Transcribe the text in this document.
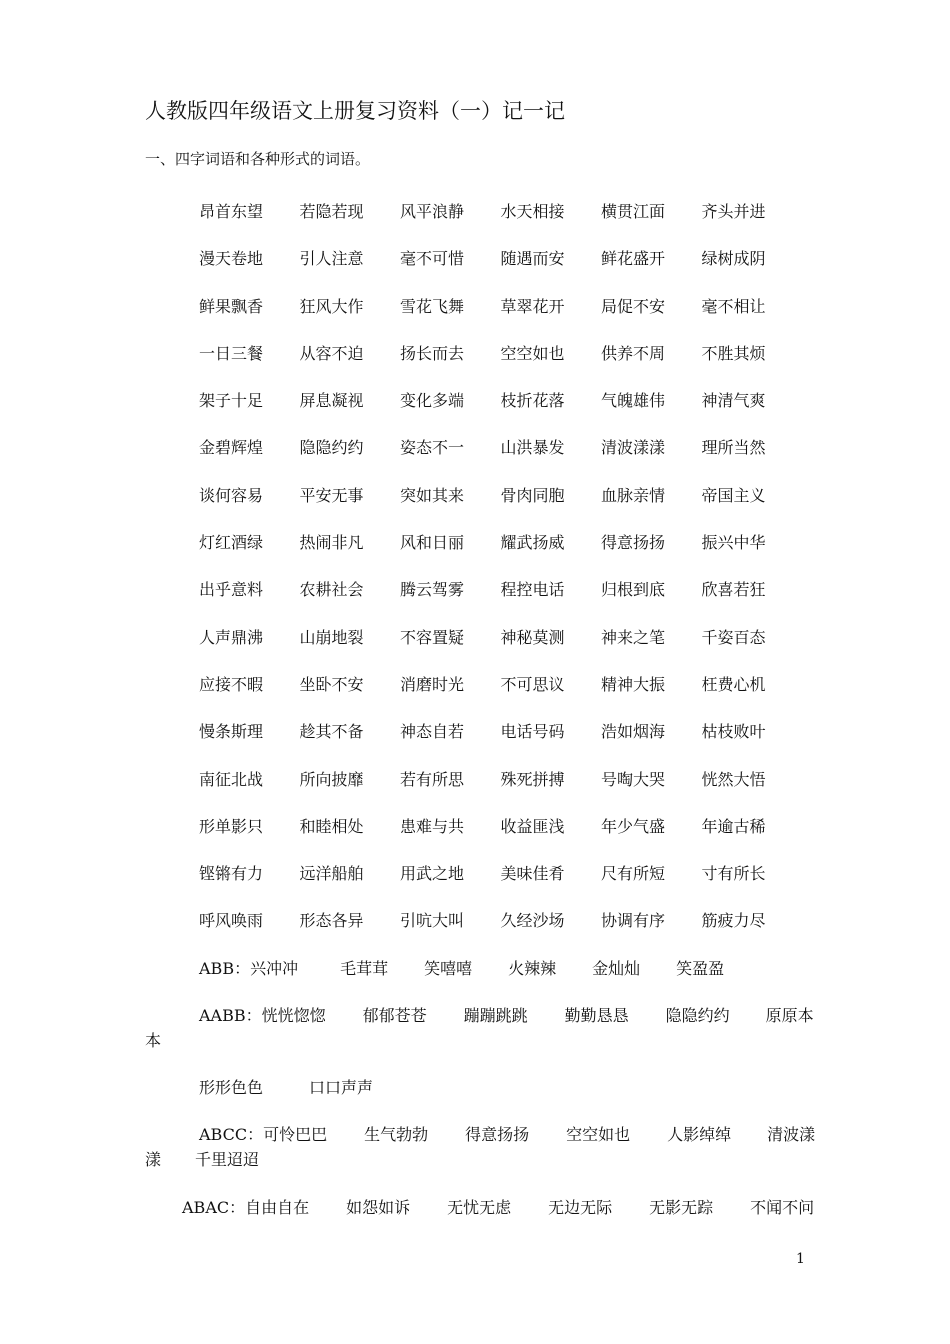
人教版四年级语文上册复习资料（一）记一记
一、四字词语和各种形式的词语。
昂首东望	若隐若现	风平浪静	水天相接	横贯江面	齐头并进
漫天卷地	引人注意	毫不可惜	随遇而安	鲜花盛开	绿树成阴
鲜果飘香	狂风大作	雪花飞舞	草翠花开	局促不安	毫不相让
一日三餐	从容不迫	扬长而去	空空如也	供养不周	不胜其烦
架子十足	屏息凝视	变化多端	枝折花落	气魄雄伟	神清气爽
金碧辉煌	隐隐约约	姿态不一	山洪暴发	清波漾漾	理所当然
谈何容易	平安无事	突如其来	骨肉同胞	血脉亲情	帝国主义
灯红酒绿	热闹非凡	风和日丽	耀武扬威	得意扬扬	振兴中华
出乎意料	农耕社会	腾云驾雾	程控电话	归根到底	欣喜若狂
人声鼎沸	山崩地裂	不容置疑	神秘莫测	神来之笔	千姿百态
应接不暇	坐卧不安	消磨时光	不可思议	精神大振	枉费心机
慢条斯理	趁其不备	神态自若	电话号码	浩如烟海	枯枝败叶
南征北战	所向披靡	若有所思	殊死拼搏	号啕大哭	恍然大悟
形单影只	和睦相处	患难与共	收益匪浅	年少气盛	年逾古稀
铿锵有力	远洋船舶	用武之地	美味佳肴	尺有所短	寸有所长
呼风唤雨	形态各异	引吭大叫	久经沙场	协调有序	筋疲力尽
ABB：兴冲冲	毛茸茸 笑嘻嘻 火辣辣 金灿灿 笑盈盈
AABB：恍恍惚惚 郁郁苍苍 蹦蹦跳跳 勤勤恳恳 隐隐约约 原原本
本
形形色色	口口声声
ABCC：可怜巴巴 生气勃勃 得意扬扬 空空如也 人影绰绰 清波漾
漾 千里迢迢
ABAC：自由自在 如怨如诉 无忧无虑 无边无际 无影无踪 不闻不问
1
